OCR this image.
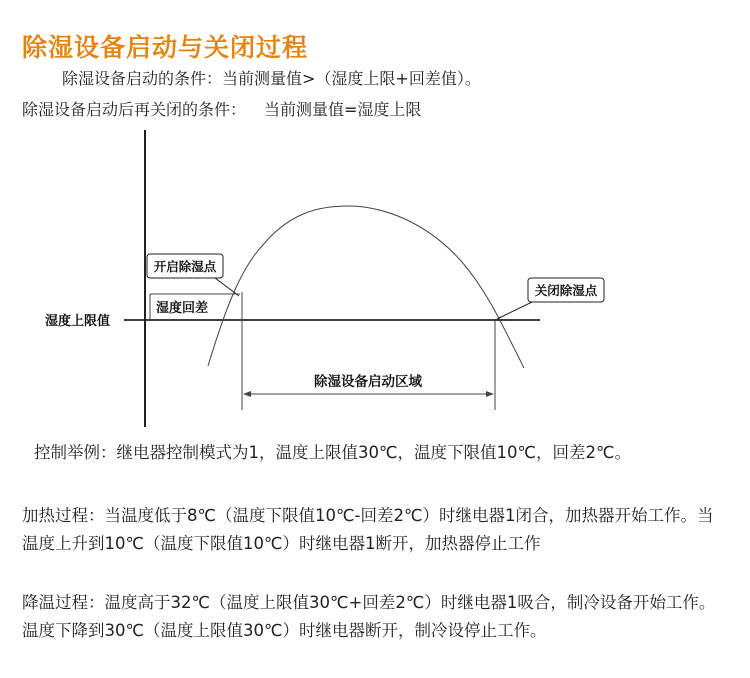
除湿设备启动与关闭过程
除湿设备启动的条件：当前测量值>（湿度上限+回差值）。
除湿设备启动后再关闭的条件： 当前测量值=湿度上限
开启除湿点
湿度回差
湿度上限值
关闭除湿点
除湿设备启动区域
控制举例：继电器控制模式为1，温度上限值30℃，温度下限值10℃，回差2℃。
加热过程：当温度低于8℃（温度下限值10℃-回差2℃）时继电器1闭合，加热器开始工作。当温度上升到10℃（温度下限值10℃）时继电器1断开，加热器停止工作
降温过程：温度高于32℃（温度上限值30℃+回差2℃）时继电器1吸合，制冷设备开始工作。温度下降到30℃（温度上限值30℃）时继电器断开，制冷设停止工作。
